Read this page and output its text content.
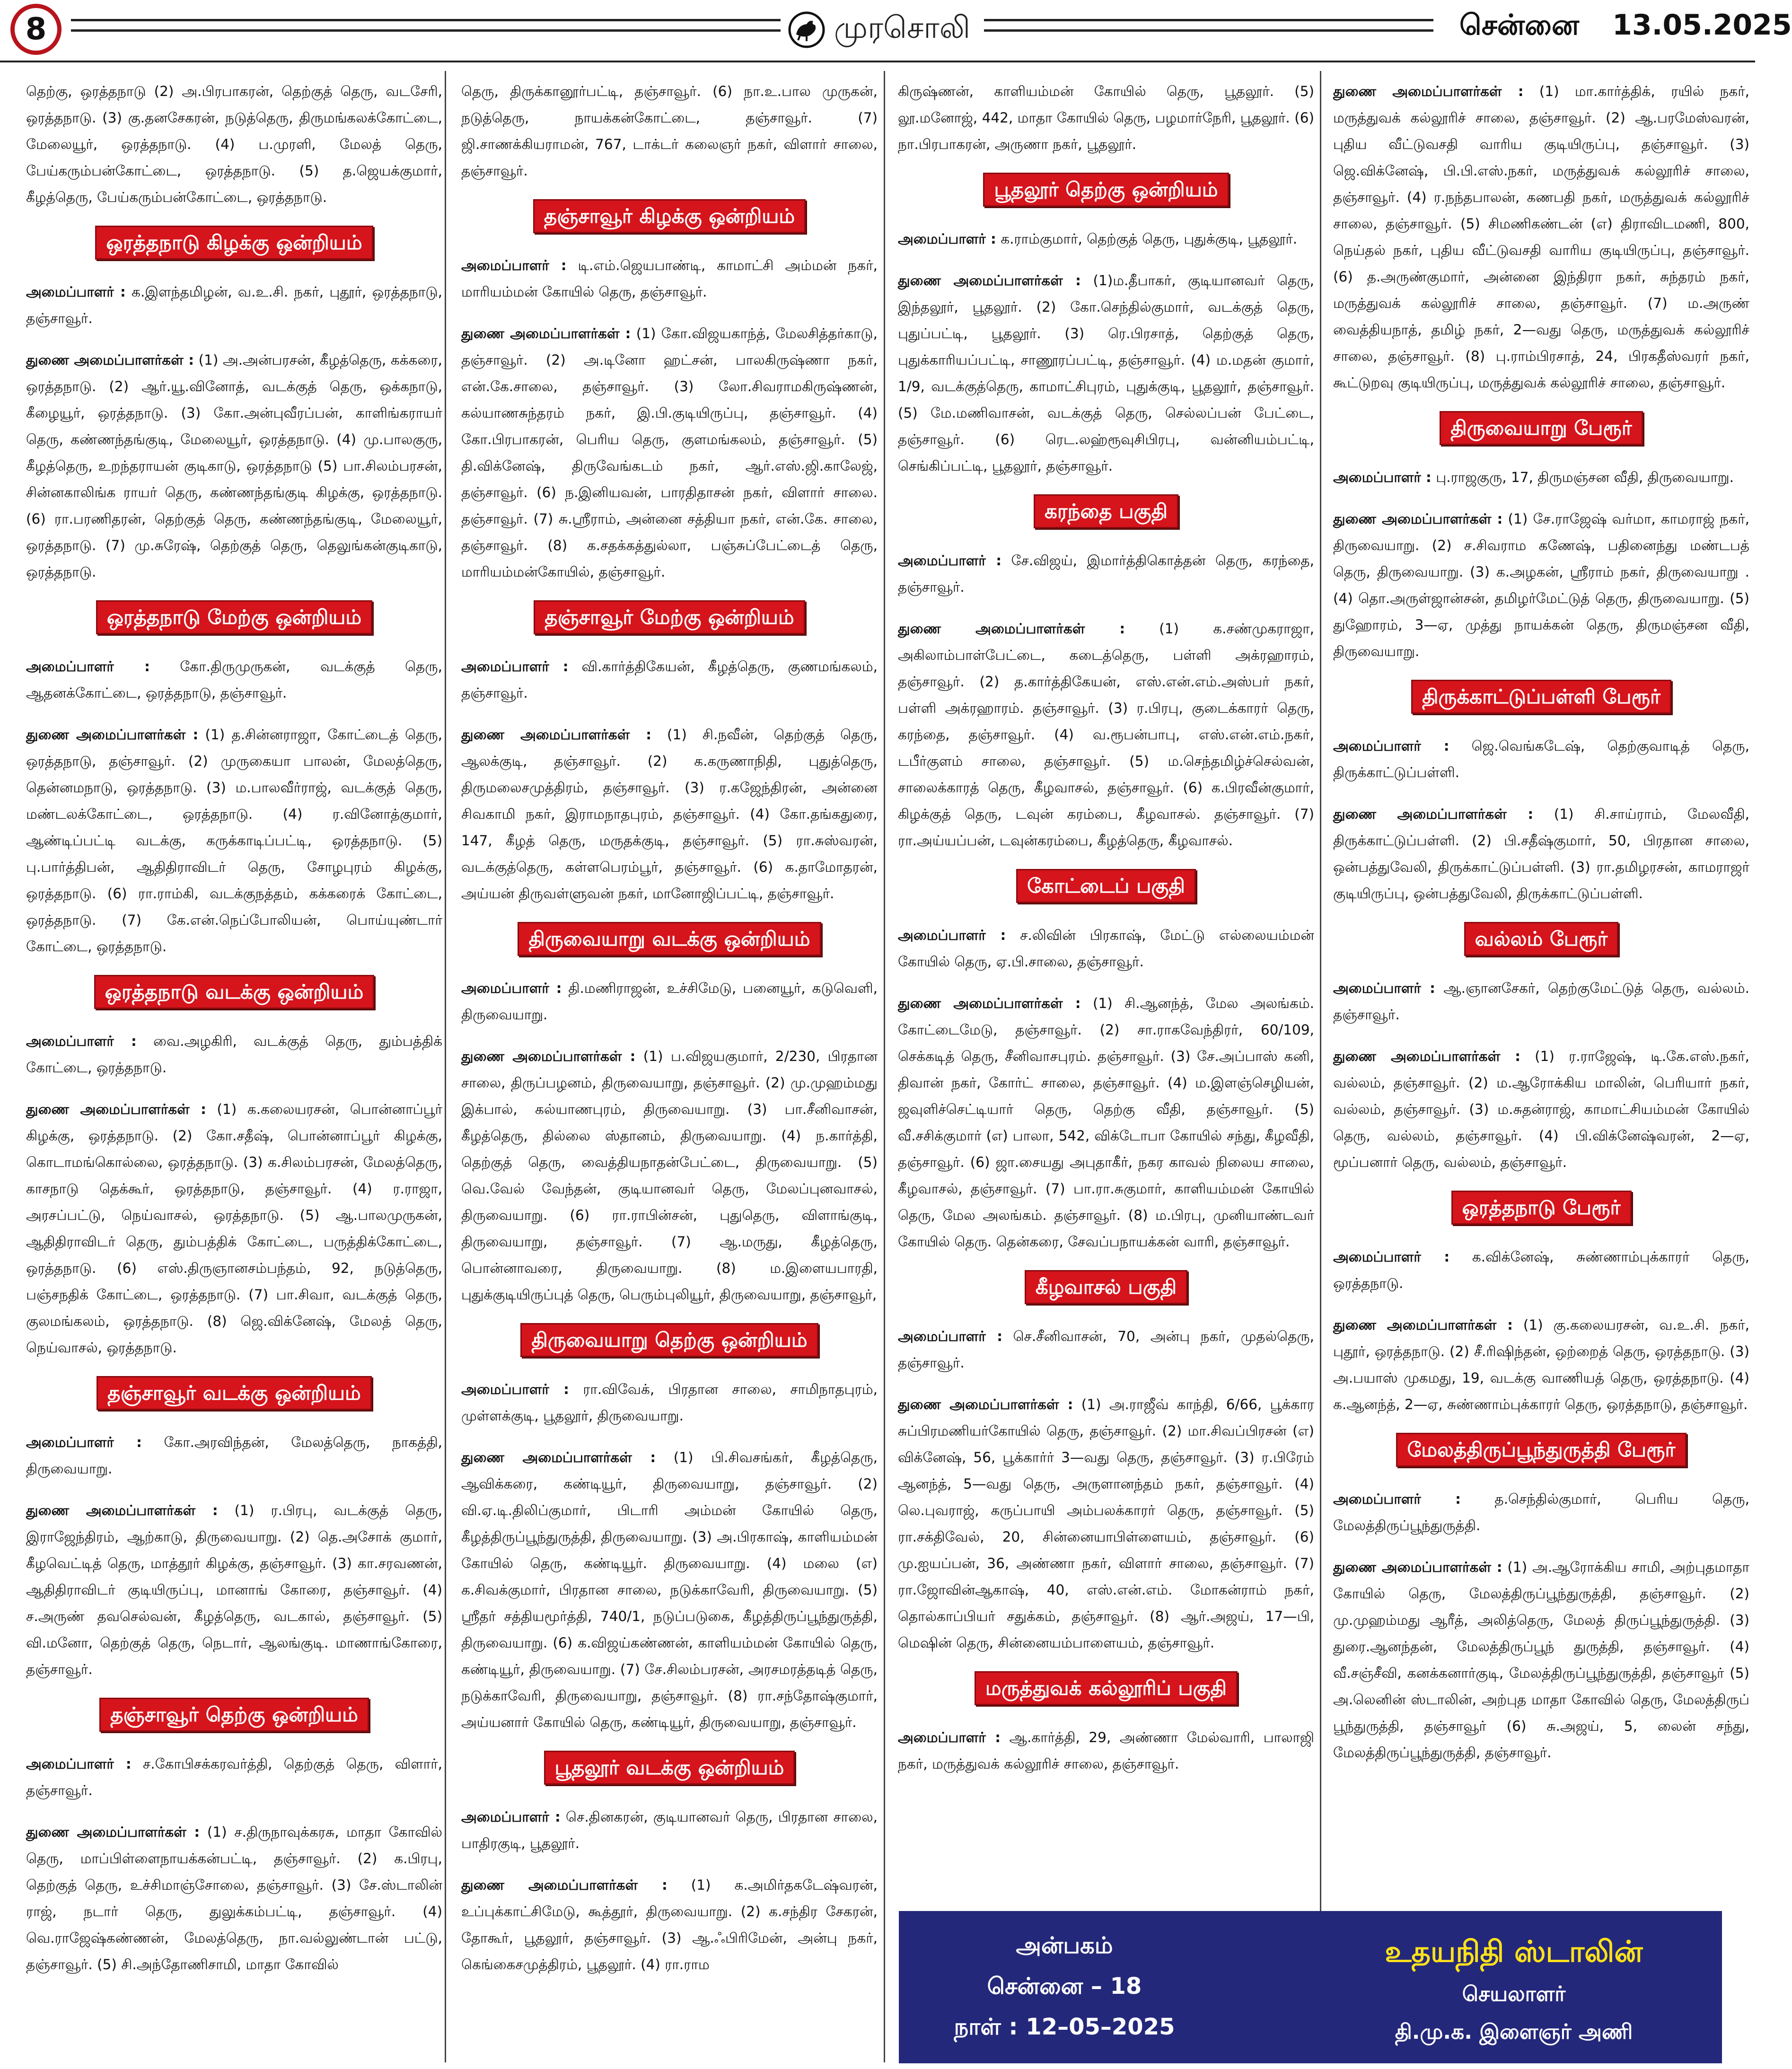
8	முரசொலி	சென்னை 13.05.2025

தெற்கு, ஒரத்தநாடு (2) அ.பிரபாகரன், தெற்குத் தெரு, வடசேரி, ஒரத்தநாடு. (3) கு.தனசேகரன், நடுத்தெரு, திருமங்கலக்கோட்டை, மேலையூர், ஒரத்தநாடு. (4) ப.முரளி, மேலத் தெரு, பேய்கரும்பன்கோட்டை, ஒரத்தநாடு. (5) த.ஜெயக்குமார், கீழத்தெரு, பேய்கரும்பன்கோட்டை, ஒரத்தநாடு.

ஒரத்தநாடு கிழக்கு ஒன்றியம்

அமைப்பாளர் : க.இளந்தமிழன், வ.உ.சி. நகர், புதூர், ஒரத்தநாடு, தஞ்சாவூர்.

துணை அமைப்பாளர்கள் : (1) அ.அன்பரசன், கீழத்தெரு, கக்கரை, ஒரத்தநாடு. (2) ஆர்.யூ.வினோத், வடக்குத் தெரு, ஒக்கநாடு, கீழையூர், ஒரத்தநாடு. (3) கோ.அன்புவீரப்பன், காளிங்கராயர் தெரு, கண்ணந்தங்குடி, மேலையூர், ஒரத்தநாடு. (4) மு.பாலகுரு, கீழத்தெரு, உறந்தராயன் குடிகாடு, ஒரத்தநாடு (5) பா.சிலம்பரசன், சின்னகாலிங்க ராயர் தெரு, கண்ணந்தங்குடி கிழக்கு, ஒரத்தநாடு. (6) ரா.பரணிதரன், தெற்குத் தெரு, கண்ணந்தங்குடி, மேலையூர், ஒரத்தநாடு. (7) மு.சுரேஷ், தெற்குத் தெரு, தெலுங்கன்குடிகாடு, ஒரத்தநாடு.

ஒரத்தநாடு மேற்கு ஒன்றியம்

அமைப்பாளர் : கோ.திருமுருகன், வடக்குத் தெரு, ஆதனக்கோட்டை, ஒரத்தநாடு, தஞ்சாவூர்.

துணை அமைப்பாளர்கள் : (1) த.சின்னராஜா, கோட்டைத் தெரு, ஒரத்தநாடு, தஞ்சாவூர். (2) முருகையா பாலன், மேலத்தெரு, தென்னமநாடு, ஒரத்தநாடு. (3) ம.பாலவீர்ராஜ், வடக்குத் தெரு, மண்டலக்கோட்டை, ஒரத்தநாடு. (4) ர.வினோத்குமார், ஆண்டிப்பட்டி வடக்கு, கருக்காடிப்பட்டி, ஒரத்தநாடு. (5) பு.பார்த்திபன், ஆதிதிராவிடர் தெரு, சோழபுரம் கிழக்கு, ஒரத்தநாடு. (6) ரா.ராம்கி, வடக்குநத்தம், கக்கரைக் கோட்டை, ஒரத்தநாடு. (7) கே.என்.நெப்போலியன், பொய்யுண்டார் கோட்டை, ஒரத்தநாடு.

ஒரத்தநாடு வடக்கு ஒன்றியம்

அமைப்பாளர் : வை.அழகிரி, வடக்குத் தெரு, தும்பத்திக் கோட்டை, ஒரத்தநாடு.

துணை அமைப்பாளர்கள் : (1) க.கலையரசன், பொன்னாப்பூர் கிழக்கு, ஒரத்தநாடு. (2) கோ.சதீஷ், பொன்னாப்பூர் கிழக்கு, கொடாமங்கொல்லை, ஒரத்தநாடு. (3) க.சிலம்பரசன், மேலத்தெரு, காசநாடு தெக்கூர், ஒரத்தநாடு, தஞ்சாவூர். (4) ர.ராஜா, அரசப்பட்டு, நெய்வாசல், ஒரத்தநாடு. (5) ஆ.பாலமுருகன், ஆதிதிராவிடர் தெரு, தும்பத்திக் கோட்டை, பருத்திக்கோட்டை, ஒரத்தநாடு. (6) எஸ்.திருஞானசம்பந்தம், 92, நடுத்தெரு, பஞ்சநதிக் கோட்டை, ஒரத்தநாடு. (7) பா.சிவா, வடக்குத் தெரு, குலமங்கலம், ஒரத்தநாடு. (8) ஜெ.விக்னேஷ், மேலத் தெரு, நெய்வாசல், ஒரத்தநாடு.

தஞ்சாவூர் வடக்கு ஒன்றியம்

அமைப்பாளர் : கோ.அரவிந்தன், மேலத்தெரு, நாகத்தி, திருவையாறு.

துணை அமைப்பாளர்கள் : (1) ர.பிரபு, வடக்குத் தெரு, இராஜேந்திரம், ஆற்காடு, திருவையாறு. (2) தெ.அசோக் குமார், கீழவெட்டித் தெரு, மாத்தூர் கிழக்கு, தஞ்சாவூர். (3) கா.சரவணன், ஆதிதிராவிடர் குடியிருப்பு, மானாங் கோரை, தஞ்சாவூர். (4) ச.அருண் தவசெல்வன், கீழத்தெரு, வடகால், தஞ்சாவூர். (5) வி.மனோ, தெற்குத் தெரு, நெடார், ஆலங்குடி. மாணாங்கோரை, தஞ்சாவூர்.

தஞ்சாவூர் தெற்கு ஒன்றியம்

அமைப்பாளர் : ச.கோபிசக்கரவர்த்தி, தெற்குத் தெரு, விளார், தஞ்சாவூர்.

துணை அமைப்பாளர்கள் : (1) ச.திருநாவுக்கரசு, மாதா கோவில் தெரு, மாப்பிள்ளைநாயக்கன்பட்டி, தஞ்சாவூர். (2) க.பிரபு, தெற்குத் தெரு, உச்சிமாஞ்சோலை, தஞ்சாவூர். (3) சே.ஸ்டாலின் ராஜ், நடார் தெரு, துலுக்கம்பட்டி, தஞ்சாவூர். (4) வெ.ராஜேஷ்கண்ணன், மேலத்தெரு, நா.வல்லுண்டான் பட்டு, தஞ்சாவூர். (5) சி.அந்தோணிசாமி, மாதா கோவில்

தெரு, திருக்கானூர்பட்டி, தஞ்சாவூர். (6) நா.உ.பால முருகன், நடுத்தெரு, நாயக்கன்கோட்டை, தஞ்சாவூர். (7) ஜி.சாணக்கியராமன், 767, டாக்டர் கலைஞர் நகர், விளார் சாலை, தஞ்சாவூர்.

தஞ்சாவூர் கிழக்கு ஒன்றியம்

அமைப்பாளர் : டி.எம்.ஜெயபாண்டி, காமாட்சி அம்மன் நகர், மாரியம்மன் கோயில் தெரு, தஞ்சாவூர்.

துணை அமைப்பாளர்கள் : (1) கோ.விஜயகாந்த், மேலசித்தர்காடு, தஞ்சாவூர். (2) அ.டினோ ஹட்சன், பாலகிருஷ்ணா நகர், என்.கே.சாலை, தஞ்சாவூர். (3) லோ.சிவராமகிருஷ்ணன், கல்யாணசுந்தரம் நகர், இ.பி.குடியிருப்பு, தஞ்சாவூர். (4) கோ.பிரபாகரன், பெரிய தெரு, குளமங்கலம், தஞ்சாவூர். (5) தி.விக்னேஷ், திருவேங்கடம் நகர், ஆர்.எஸ்.ஜி.காலேஜ், தஞ்சாவூர். (6) ந.இனியவன், பாரதிதாசன் நகர், விளார் சாலை. தஞ்சாவூர். (7) சு.ஸ்ரீராம், அன்னை சத்தியா நகர், என்.கே. சாலை, தஞ்சாவூர். (8) க.சதக்கத்துல்லா, பஞ்சுப்பேட்டைத் தெரு, மாரியம்மன்கோயில், தஞ்சாவூர்.

தஞ்சாவூர் மேற்கு ஒன்றியம்

அமைப்பாளர் : வி.கார்த்திகேயன், கீழத்தெரு, குணமங்கலம், தஞ்சாவூர்.

துணை அமைப்பாளர்கள் : (1) சி.நவீன், தெற்குத் தெரு, ஆலக்குடி, தஞ்சாவூர். (2) க.கருணாநிதி, புதுத்தெரு, திருமலைசமுத்திரம், தஞ்சாவூர். (3) ர.கஜேந்திரன், அன்னை சிவகாமி நகர், இராமநாதபுரம், தஞ்சாவூர். (4) கோ.தங்கதுரை, 147, கீழத் தெரு, மருதக்குடி, தஞ்சாவூர். (5) ரா.சுஸ்வரன், வடக்குத்தெரு, கள்ளபெரம்பூர், தஞ்சாவூர். (6) க.தாமோதரன், அய்யன் திருவள்ளுவன் நகர், மானோஜிப்பட்டி, தஞ்சாவூர்.

திருவையாறு வடக்கு ஒன்றியம்

அமைப்பாளர் : தி.மணிராஜன், உச்சிமேடு, பனையூர், கடுவெளி, திருவையாறு.

துணை அமைப்பாளர்கள் : (1) ப.விஜயகுமார், 2/230, பிரதான சாலை, திருப்பழனம், திருவையாறு, தஞ்சாவூர். (2) மு.முஹம்மது இக்பால், கல்யாணபுரம், திருவையாறு. (3) பா.சீனிவாசன், கீழத்தெரு, தில்லை ஸ்தானம், திருவையாறு. (4) ந.கார்த்தி, தெற்குத் தெரு, வைத்தியநாதன்பேட்டை, திருவையாறு. (5) வெ.வேல் வேந்தன், குடியானவர் தெரு, மேலப்புனவாசல், திருவையாறு. (6) ரா.ராபின்சன், புதுதெரு, விளாங்குடி, திருவையாறு, தஞ்சாவூர். (7) ஆ.மருது, கீழத்தெரு, பொன்னாவரை, திருவையாறு. (8) ம.இளையபாரதி, புதுக்குடியிருப்புத் தெரு, பெரும்புலியூர், திருவையாறு, தஞ்சாவூர்,

திருவையாறு தெற்கு ஒன்றியம்

அமைப்பாளர் : ரா.விவேக், பிரதான சாலை, சாமிநாதபுரம், முள்ளக்குடி, பூதலூர், திருவையாறு.

துணை அமைப்பாளர்கள் : (1) பி.சிவசங்கர், கீழத்தெரு, ஆவிக்கரை, கண்டியூர், திருவையாறு, தஞ்சாவூர். (2) வி.ஏ.டி.திலிப்குமார், பிடாரி அம்மன் கோயில் தெரு, கீழத்திருப்பூந்துருத்தி, திருவையாறு. (3) அ.பிரகாஷ், காளியம்மன் கோயில் தெரு, கண்டியூர். திருவையாறு. (4) மலை (எ) க.சிவக்குமார், பிரதான சாலை, நடுக்காவேரி, திருவையாறு. (5) ஸ்ரீதர் சத்தியமூர்த்தி, 740/1, நடுப்படுகை, கீழத்திருப்பூந்துருத்தி, திருவையாறு. (6) க.விஜய்கண்ணன், காளியம்மன் கோயில் தெரு, கண்டியூர், திருவையாறு. (7) சே.சிலம்பரசன், அரசமரத்தடித் தெரு, நடுக்காவேரி, திருவையாறு, தஞ்சாவூர். (8) ரா.சந்தோஷ்குமார், அய்யனார் கோயில் தெரு, கண்டியூர், திருவையாறு, தஞ்சாவூர்.

பூதலூர் வடக்கு ஒன்றியம்

அமைப்பாளர் : செ.தினகரன், குடியானவர் தெரு, பிரதான சாலை, பாதிரகுடி, பூதலூர்.

துணை அமைப்பாளர்கள் : (1) க.அமிர்தகடேஷ்வரன், உப்புக்காட்சிமேடு, கூத்தூர், திருவையாறு. (2) க.சந்திர சேகரன், தோகூர், பூதலூர், தஞ்சாவூர். (3) ஆ.ஃபிரிமேன், அன்பு நகர், கெங்கைசமுத்திரம், பூதலூர். (4) ரா.ராம

கிருஷ்ணன், காளியம்மன் கோயில் தெரு, பூதலூர். (5) லூ.மனோஜ், 442, மாதா கோயில் தெரு, பழமார்நேரி, பூதலூர். (6) நா.பிரபாகரன், அருணா நகர், பூதலூர்.

பூதலூர் தெற்கு ஒன்றியம்

அமைப்பாளர் : க.ராம்குமார், தெற்குத் தெரு, புதுக்குடி, பூதலூர்.

துணை அமைப்பாளர்கள் : (1)ம.தீபாகர், குடியானவர் தெரு, இந்தலூர், பூதலூர். (2) கோ.செந்தில்குமார், வடக்குத் தெரு, புதுப்பட்டி, பூதலூர். (3) ரெ.பிரசாத், தெற்குத் தெரு, புதுக்காரியப்பட்டி, சாணூரப்பட்டி, தஞ்சாவூர். (4) ம.மதன் குமார், 1/9, வடக்குத்தெரு, காமாட்சிபுரம், புதுக்குடி, பூதலூர், தஞ்சாவூர். (5) மே.மணிவாசன், வடக்குத் தெரு, செல்லப்பன் பேட்டை, தஞ்சாவூர். (6) ரெட.லஹ்ரூவுசிபிரபு, வன்னியம்பட்டி, செங்கிப்பட்டி, பூதலூர், தஞ்சாவூர்.

கரந்தை பகுதி

அமைப்பாளர் : சே.விஜய், இமார்த்திகொத்தன் தெரு, கரந்தை, தஞ்சாவூர்.

துணை அமைப்பாளர்கள் : (1) க.சண்முகராஜா, அகிலாம்பாள்பேட்டை, கடைத்தெரு, பள்ளி அக்ரஹாரம், தஞ்சாவூர். (2) த.கார்த்திகேயன், எஸ்.என்.எம்.அஸ்பர் நகர், பள்ளி அக்ரஹாரம். தஞ்சாவூர். (3) ர.பிரபு, குடைக்காரர் தெரு, கரந்தை, தஞ்சாவூர். (4) வ.ரூபன்பாபு, எஸ்.என்.எம்.நகர், டபீர்குளம் சாலை, தஞ்சாவூர். (5) ம.செந்தமிழ்ச்செல்வன், சாலைக்காரத் தெரு, கீழவாசல், தஞ்சாவூர். (6) க.பிரவீன்குமார், கிழக்குத் தெரு, டவுன் கரம்பை, கீழவாசல். தஞ்சாவூர். (7) ரா.அய்யப்பன், டவுன்கரம்பை, கீழத்தெரு, கீழவாசல்.

கோட்டைப் பகுதி

அமைப்பாளர் : ச.லிவின் பிரகாஷ், மேட்டு எல்லையம்மன் கோயில் தெரு, ஏ.பி.சாலை, தஞ்சாவூர்.

துணை அமைப்பாளர்கள் : (1) சி.ஆனந்த், மேல அலங்கம். கோட்டைமேடு, தஞ்சாவூர். (2) சா.ராகவேந்திரர், 60/109, செக்கடித் தெரு, சீனிவாசபுரம். தஞ்சாவூர். (3) சே.அப்பாஸ் கனி, திவான் நகர், கோர்ட் சாலை, தஞ்சாவூர். (4) ம.இளஞ்செழியன், ஜவுளிச்செட்டியார் தெரு, தெற்கு வீதி, தஞ்சாவூர். (5) வீ.சசிக்குமார் (எ) பாலா, 542, விக்டோபா கோயில் சந்து, கீழவீதி, தஞ்சாவூர். (6) ஜா.சையது அபுதாகீர், நகர காவல் நிலைய சாலை, கீழவாசல், தஞ்சாவூர். (7) பா.ரா.சுகுமார், காளியம்மன் கோயில் தெரு, மேல அலங்கம். தஞ்சாவூர். (8) ம.பிரபு, முனியாண்டவர் கோயில் தெரு. தென்கரை, சேவப்பநாயக்கன் வாரி, தஞ்சாவூர்.

கீழவாசல் பகுதி

அமைப்பாளர் : செ.சீனிவாசன், 70, அன்பு நகர், முதல்தெரு, தஞ்சாவூர்.

துணை அமைப்பாளர்கள் : (1) அ.ராஜீவ் காந்தி, 6/66, பூக்கார சுப்பிரமணியர்கோயில் தெரு, தஞ்சாவூர். (2) மா.சிவப்பிரசன் (எ) விக்னேஷ், 56, பூக்கார்ர் 3—வது தெரு, தஞ்சாவூர். (3) ர.பிரேம் ஆனந்த், 5—வது தெரு, அருளானந்தம் நகர், தஞ்சாவூர். (4) லெ.புவராஜ், கருப்பாயி அம்பலக்காரர் தெரு, தஞ்சாவூர். (5) ரா.சக்திவேல், 20, சின்னையாபிள்ளையம், தஞ்சாவூர். (6) மு.ஐயப்பன், 36, அண்ணா நகர், விளார் சாலை, தஞ்சாவூர். (7) ரா.ஜோவின்ஆகாஷ், 40, எஸ்.என்.எம். மோகன்ராம் நகர், தொல்காப்பியர் சதுக்கம், தஞ்சாவூர். (8) ஆர்.அஜய், 17—பி, மெஷின் தெரு, சின்னையம்பாளையம், தஞ்சாவூர்.

மருத்துவக் கல்லூரிப் பகுதி

அமைப்பாளர் : ஆ.கார்த்தி, 29, அண்ணா மேல்வாரி, பாலாஜி நகர், மருத்துவக் கல்லூரிச் சாலை, தஞ்சாவூர்.

துணை அமைப்பாளர்கள் : (1) மா.கார்த்திக், ரயில் நகர், மருத்துவக் கல்லூரிச் சாலை, தஞ்சாவூர். (2) ஆ.பரமேஸ்வரன், புதிய வீட்டுவசதி வாரிய குடியிருப்பு, தஞ்சாவூர். (3) ஜெ.விக்னேஷ், பி.பி.எஸ்.நகர், மருத்துவக் கல்லூரிச் சாலை, தஞ்சாவூர். (4) ர.நந்தபாலன், கணபதி நகர், மருத்துவக் கல்லூரிச் சாலை, தஞ்சாவூர். (5) சிமணிகண்டன் (எ) திராவிடமணி, 800, நெய்தல் நகர், புதிய வீட்டுவசதி வாரிய குடியிருப்பு, தஞ்சாவூர். (6) த.அருண்குமார், அன்னை இந்திரா நகர், சுந்தரம் நகர், மருத்துவக் கல்லூரிச் சாலை, தஞ்சாவூர். (7) ம.அருண் வைத்தியநாத், தமிழ் நகர், 2—வது தெரு, மருத்துவக் கல்லூரிச் சாலை, தஞ்சாவூர். (8) பு.ராம்பிரசாத், 24, பிரகதீஸ்வரர் நகர், கூட்டுறவு குடியிருப்பு, மருத்துவக் கல்லூரிச் சாலை, தஞ்சாவூர்.

திருவையாறு பேரூர்

அமைப்பாளர் : பு.ராஜகுரு, 17, திருமஞ்சன வீதி, திருவையாறு.

துணை அமைப்பாளர்கள் : (1) சே.ராஜேஷ் வர்மா, காமராஜ் நகர், திருவையாறு. (2) ச.சிவராம கணேஷ், பதினைந்து மண்டபத் தெரு, திருவையாறு. (3) க.அழகன், ஸ்ரீராம் நகர், திருவையாறு . (4) தொ.அருள்ஜான்சன், தமிழர்மேட்டுத் தெரு, திருவையாறு. (5) துஹோரம், 3—ஏ, முத்து நாயக்கன் தெரு, திருமஞ்சன வீதி, திருவையாறு.

திருக்காட்டுப்பள்ளி பேரூர்

அமைப்பாளர் : ஜெ.வெங்கடேஷ், தெற்குவாடித் தெரு, திருக்காட்டுப்பள்ளி.

துணை அமைப்பாளர்கள் : (1) சி.சாய்ராம், மேலவீதி, திருக்காட்டுப்பள்ளி. (2) பி.சதீஷ்குமார், 50, பிரதான சாலை, ஒன்பத்துவேலி, திருக்காட்டுப்பள்ளி. (3) ரா.தமிழரசன், காமராஜர் குடியிருப்பு, ஒன்பத்துவேலி, திருக்காட்டுப்பள்ளி.

வல்லம் பேரூர்

அமைப்பாளர் : ஆ.ஞானசேகர், தெற்குமேட்டுத் தெரு, வல்லம். தஞ்சாவூர்.

துணை அமைப்பாளர்கள் : (1) ர.ராஜேஷ், டி.கே.எஸ்.நகர், வல்லம், தஞ்சாவூர். (2) ம.ஆரோக்கிய மாலின், பெரியார் நகர், வல்லம், தஞ்சாவூர். (3) ம.சுதன்ராஜ், காமாட்சியம்மன் கோயில் தெரு, வல்லம், தஞ்சாவூர். (4) பி.விக்னேஷ்வரன், 2—ஏ, மூப்பனார் தெரு, வல்லம், தஞ்சாவூர்.

ஒரத்தநாடு பேரூர்

அமைப்பாளர் : க.விக்னேஷ், சுண்ணாம்புக்காரர் தெரு, ஒரத்தநாடு.

துணை அமைப்பாளர்கள் : (1) கு.கலையரசன், வ.உ.சி. நகர், புதூர், ஒரத்தநாடு. (2) சீ.ரிஷிந்தன், ஒற்றைத் தெரு, ஒரத்தநாடு. (3) அ.பயாஸ் முகமது, 19, வடக்கு வாணியத் தெரு, ஒரத்தநாடு. (4) க.ஆனந்த், 2—ஏ, சுண்ணாம்புக்காரர் தெரு, ஒரத்தநாடு, தஞ்சாவூர்.

மேலத்திருப்பூந்துருத்தி பேரூர்

அமைப்பாளர் : த.செந்தில்குமார், பெரிய தெரு, மேலத்திருப்பூந்துருத்தி.

துணை அமைப்பாளர்கள் : (1) அ.ஆரோக்கிய சாமி, அற்புதமாதா கோயில் தெரு, மேலத்திருப்பூந்துருத்தி, தஞ்சாவூர். (2) மு.முஹம்மது ஆரீத், அலித்தெரு, மேலத் திருப்பூந்துருத்தி. (3) துரை.ஆனந்தன், மேலத்திருப்பூந் துருத்தி, தஞ்சாவூர். (4) வீ.சஞ்சீவி, கனக்கனார்குடி, மேலத்திருப்பூந்துருத்தி, தஞ்சாவூர் (5) அ.லெனின் ஸ்டாலின், அற்புத மாதா கோவில் தெரு, மேலத்திருப் பூந்துருத்தி, தஞ்சாவூர் (6) சு.அஜய், 5, லைன் சந்து, மேலத்திருப்பூந்துருத்தி, தஞ்சாவூர்.

அன்பகம்
சென்னை – 18
நாள் : 12–05–2025
உதயநிதி ஸ்டாலின்
செயலாளர்
தி.மு.க. இளைஞர் அணி
